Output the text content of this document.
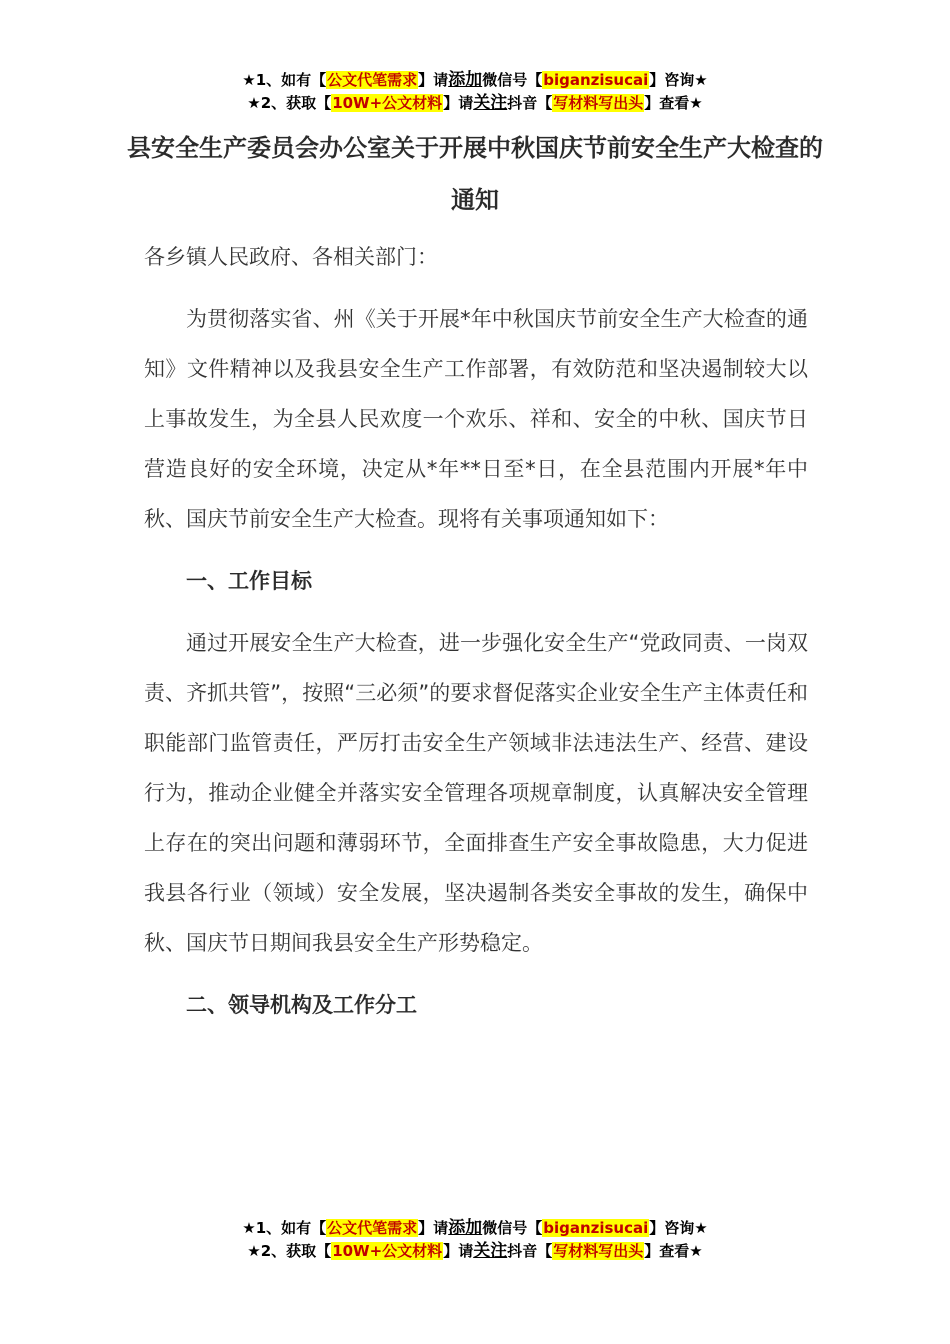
★1、如有【公文代笔需求】请添加微信号【biganzisucai】咨询★
★2、获取【10W+公文材料】请关注抖音【写材料写出头】查看★
县安全生产委员会办公室关于开展中秋国庆节前安全生产大检查的通知

各乡镇人民政府、各相关部门：

为贯彻落实省、州《关于开展*年中秋国庆节前安全生产大检查的通知》文件精神以及我县安全生产工作部署，有效防范和坚决遏制较大以上事故发生，为全县人民欢度一个欢乐、祥和、安全的中秋、国庆节日营造良好的安全环境，决定从*年**日至*日，在全县范围内开展*年中秋、国庆节前安全生产大检查。现将有关事项通知如下：

一、工作目标

通过开展安全生产大检查，进一步强化安全生产“党政同责、一岗双责、齐抓共管”，按照“三必须”的要求督促落实企业安全生产主体责任和职能部门监管责任，严厉打击安全生产领域非法违法生产、经营、建设行为，推动企业健全并落实安全管理各项规章制度，认真解决安全管理上存在的突出问题和薄弱环节，全面排查生产安全事故隐患，大力促进我县各行业（领域）安全发展，坚决遏制各类安全事故的发生，确保中秋、国庆节日期间我县安全生产形势稳定。

二、领导机构及工作分工

★1、如有【公文代笔需求】请添加微信号【biganzisucai】咨询★
★2、获取【10W+公文材料】请关注抖音【写材料写出头】查看★
